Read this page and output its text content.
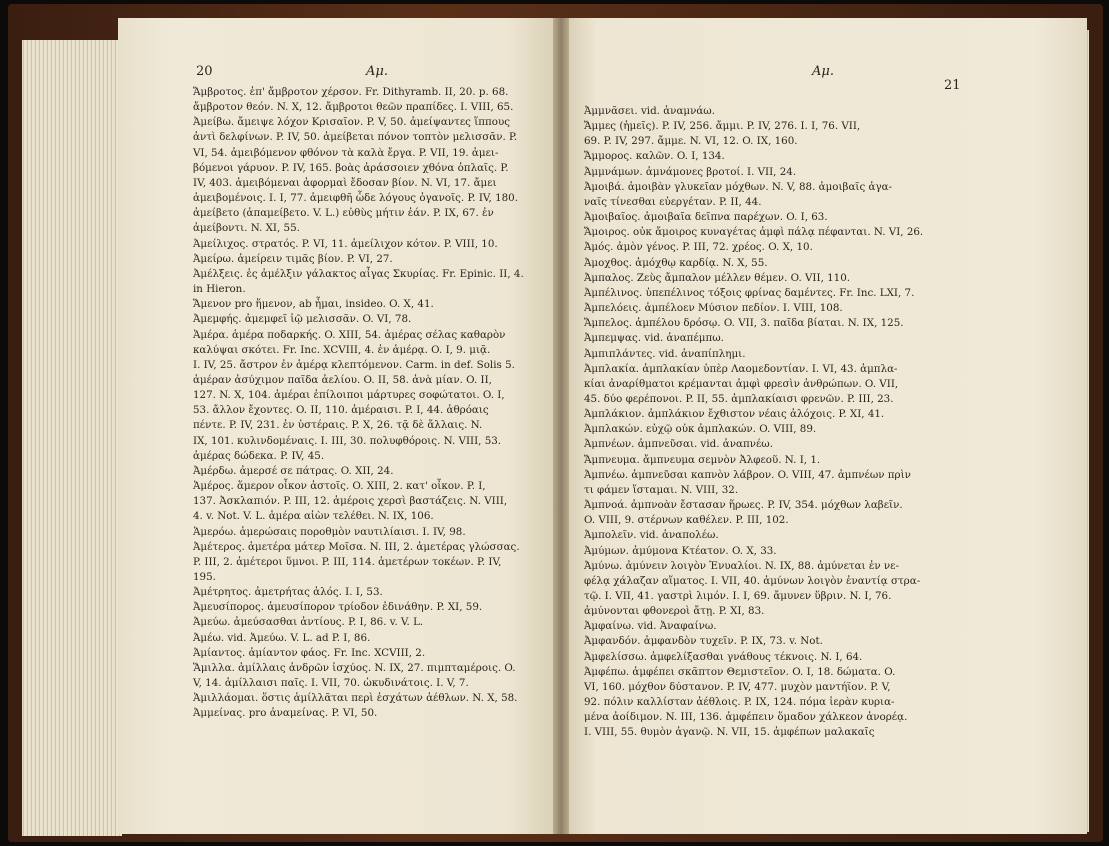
20	Αμ.	Αμ.
21

Ἄμβροτος. ἐπ' ἄμβροτον χέρσον. Fr. Dithyramb. II, 20. p. 68.

ἄμβροτον θεόν. N. X, 12. ἄμβροτοι θεῶν πραπίδες. I. VIII, 65.

Ἀμείβω. ἄμειψε λόχον Κρισαῖον. P. V, 50. ἀμείψαντες ἵππους

ἀντὶ δελφίνων. P. IV, 50. ἀμείβεται πόνον τοπτὸν μελισσᾶν. P.

VI, 54. ἀμειβόμενον φθόνον τὰ καλὰ ἔργα. P. VII, 19. ἀμει-

βόμενοι γάρυον. P. IV, 165. βοὰς ἀράσσοιεν χθόνα ὁπλαῖς. P.

IV, 403. ἀμειβόμεναι ἀφορμαὶ ἔδοσαν βίον. N. VI, 17. ἄμει

ἀμειβομένοις. I. I, 77. ἀμειφθῆ ὧδε λόγους ὀγανοῖς. P. IV, 180.

ἀμείβετο (ἀπαμείβετο. V. L.) εὐθὺς μήτιν ἐάν. P. IX, 67. ἐν

ἀμείβοντι. N. XI, 55.

Ἀμείλιχος. στρατός. P. VI, 11. ἀμείλιχον κότον. P. VIII, 10.

Ἀμείρω. ἀμείρειν τιμᾶς βίον. P. VI, 27.

Ἀμέλξεις. ἐς ἀμέλξιν γάλακτος αἶγας Σκυρίας. Fr. Epinic. II, 4.

in Hieron.

Ἄμενον pro ἥμενον, ab ἧμαι, insideo. O. X, 41.

Ἀμεμφής. ἀμεμφεῖ ἰῷ μελισσᾶν. O. VI, 78.

Ἁμέρα. ἁμέρα ποδαρκής. O. XIII, 54. ἁμέρας σέλας καθαρὸν

καλύψαι σκότει. Fr. Inc. XCVIII, 4. ἐν ἁμέρᾳ. O. I, 9. μιᾷ.

I. IV, 25. ἄστρον ἐν ἁμέρᾳ κλεπτόμενον. Carm. in def. Solis 5.

ἁμέραν ἀσύχιμον παῖδα ἀελίου. O. II, 58. ἀνὰ μίαν. O. II,

127. N. X, 104. ἁμέραι ἐπίλοιποι μάρτυρες σοφώτατοι. O. I,

53. ἄλλον ἔχοντες. O. II, 110. ἁμέραισι. P. I, 44. ἀθρόαις

πέντε. P. IV, 231. ἐν ὑστέραις. P. X, 26. τᾷ δὲ ἄλλαις. N.

IX, 101. κυλινδομέναις. I. III, 30. πολυφθόροις. N. VIII, 53.

ἁμέρας δώδεκα. P. IV, 45.

Ἀμέρδω. ἀμερσέ σε πάτρας. O. XII, 24.

Ἁμέρος. ἅμερον οἶκον ἀστοῖς. O. XIII, 2. κατ' οἶκον. P. I,

137. Ἀσκλαπιόν. P. III, 12. ἁμέροις χερσὶ βαστάζεις. N. VIII,

4. v. Not. V. L. ἁμέρα αἰὼν τελέθει. N. IX, 106.

Ἁμερόω. ἁμερώσαις ποροθμὸν ναυτιλίαισι. I. IV, 98.

Ἀμέτερος. ἁμετέρα μάτερ Μοῖσα. N. III, 2. ἁμετέρας γλώσσας.

P. III, 2. ἁμέτεροι ὕμνοι. P. III, 114. ἁμετέρων τοκέων. P. IV,

195.

Ἀμέτρητος. ἀμετρήτας ἁλός. I. I, 53.

Ἀμευσίπορος. ἀμευσίπορον τρίοδον ἐδινάθην. P. XI, 59.

Ἀμεύω. ἀμεύσασθαι ἀντίους. P. I, 86. v. V. L.

Ἀμέω. vid. Ἀμεύω. V. L. ad P. I, 86.

Ἀμίαντος. ἀμίαντον φάος. Fr. Inc. XCVIII, 2.

Ἅμιλλα. ἁμίλλαις ἀνδρῶν ἰσχύος. N. IX, 27. πιμπταμέροις. O.

V, 14. ἁμίλλαισι παῖς. I. VII, 70. ὠκυδινάτοις. I. V, 7.

Ἁμιλλάομαι. ὅστις ἁμίλλᾶται περὶ ἐσχάτων ἀέθλων. N. X, 58.

Ἀμμείνας. pro ἀναμείνας. P. VI, 50.

Ἀμμνᾶσει. vid. ἀναμνάω.

Ἄμμες (ἡμεῖς). P. IV, 256. ἄμμι. P. IV, 276. I. I, 76. VII,

69. P. IV, 297. ἄμμε. N. VI, 12. O. IX, 160.

Ἄμμορος. καλῶν. O. I, 134.

Ἀμμνάμων. ἀμνάμονες βροτοί. I. VII, 24.

Ἀμοιβά. ἀμοιβὰν γλυκεῖαν μόχθων. N. V, 88. ἀμοιβαῖς ἀγα-

ναῖς τίνεσθαι εὐεργέταν. P. II, 44.

Ἀμοιβαῖος. ἀμοιβαῖα δεῖπνα παρέχων. O. I, 63.

Ἄμοιρος. οὐκ ἄμοιρος κυναγέτας ἀμφὶ πάλᾳ πέφανται. N. VI, 26.

Ἀμός. ἀμὸν γένος. P. III, 72. χρέος. O. X, 10.

Ἀμοχθος. ἀμόχθῳ καρδίᾳ. N. X, 55.

Ἀμπαλος. Ζεὺς ἄμπαλον μέλλεν θέμεν. O. VII, 110.

Ἀμπέλινος. ὑπεπέλινος τόξοις φρίνας δαμέντες. Fr. Inc. LXI, 7.

Ἀμπελόεις. ἀμπέλοεν Μύσιον πεδίον. I. VIII, 108.

Ἄμπελος. ἀμπέλου δρόσῳ. O. VII, 3. παῖδα βίαται. N. IX, 125.

Ἀμπεμψας. vid. ἀναπέμπω.

Ἀμπιπλάντες. vid. ἀναπίπλημι.

Ἀμπλακία. ἀμπλακίαν ὑπὲρ Λαομεδοντίαν. I. VI, 43. ἀμπλα-

κίαι ἀναρίθματοι κρέμανται ἀμφὶ φρεσὶν ἀνθρώπων. O. VII,

45. δύο φερέπονοι. P. II, 55. ἀμπλακίαισι φρενῶν. P. III, 23.

Ἀμπλάκιον. ἀμπλάκιον ἔχθιστον νέαις ἀλόχοις. P. XI, 41.

Ἀμπλακών. εὐχῷ οὐκ ἀμπλακών. O. VIII, 89.

Ἀμπνέων. ἀμπνεῦσαι. vid. ἀναπνέω.

Ἄμπνευμα. ἄμπνευμα σεμνὸν Ἀλφεοῦ. N. I, 1.

Ἀμπνέω. ἀμπνεῦσαι καπνὸν λάβρον. O. VIII, 47. ἀμπνέων πρὶν

τι φάμεν ἵσταμαι. N. VIII, 32.

Ἀμπνοά. ἀμπνοὰν ἔστασαν ἥρωες. P. IV, 354. μόχθων λαβεῖν.

O. VIII, 9. στέρνων καθέλεν. P. III, 102.

Ἀμπολεῖν. vid. ἀναπολέω.

Ἀμύμων. ἀμύμονα Κτέατον. O. X, 33.

Ἀμύνω. ἀμύνειν λοιγὸν Ἐνυαλίοι. N. IX, 88. ἀμύνεται ἐν νε-

φέλᾳ χάλαζαν αἵματος. I. VII, 40. ἀμύνων λοιγὸν ἐναντίᾳ στρα-

τῷ. I. VII, 41. γαστρὶ λιμόν. I. I, 69. ἄμυνεν ὕβριν. N. I, 76.

ἀμύνονται φθονεροὶ ἄτῃ. P. XI, 83.

Ἀμφαίνω. vid. Ἀναφαίνω.

Ἀμφανδόν. ἀμφανδὸν τυχεῖν. P. IX, 73. v. Not.

Ἀμφελίσσω. ἀμφελίξασθαι γνάθους τέκνοις. N. I, 64.

Ἀμφέπω. ἀμφέπει σκᾶπτον Θεμιστεῖον. O. I, 18. δώματα. O.

VI, 160. μόχθον δύστανον. P. IV, 477. μυχὸν μαντήϊον. P. V,

92. πόλιν καλλίσταν ἀέθλοις. P. IX, 124. πόμα ἱερὰν κυρια-

μένα ἀοίδιμον. N. III, 136. ἀμφέπειν ὅμαδον χάλκεον ἀνορέᾳ.

I. VIII, 55. θυμὸν ἀγανῷ. N. VII, 15. ἀμφέπων μαλακαῖς
